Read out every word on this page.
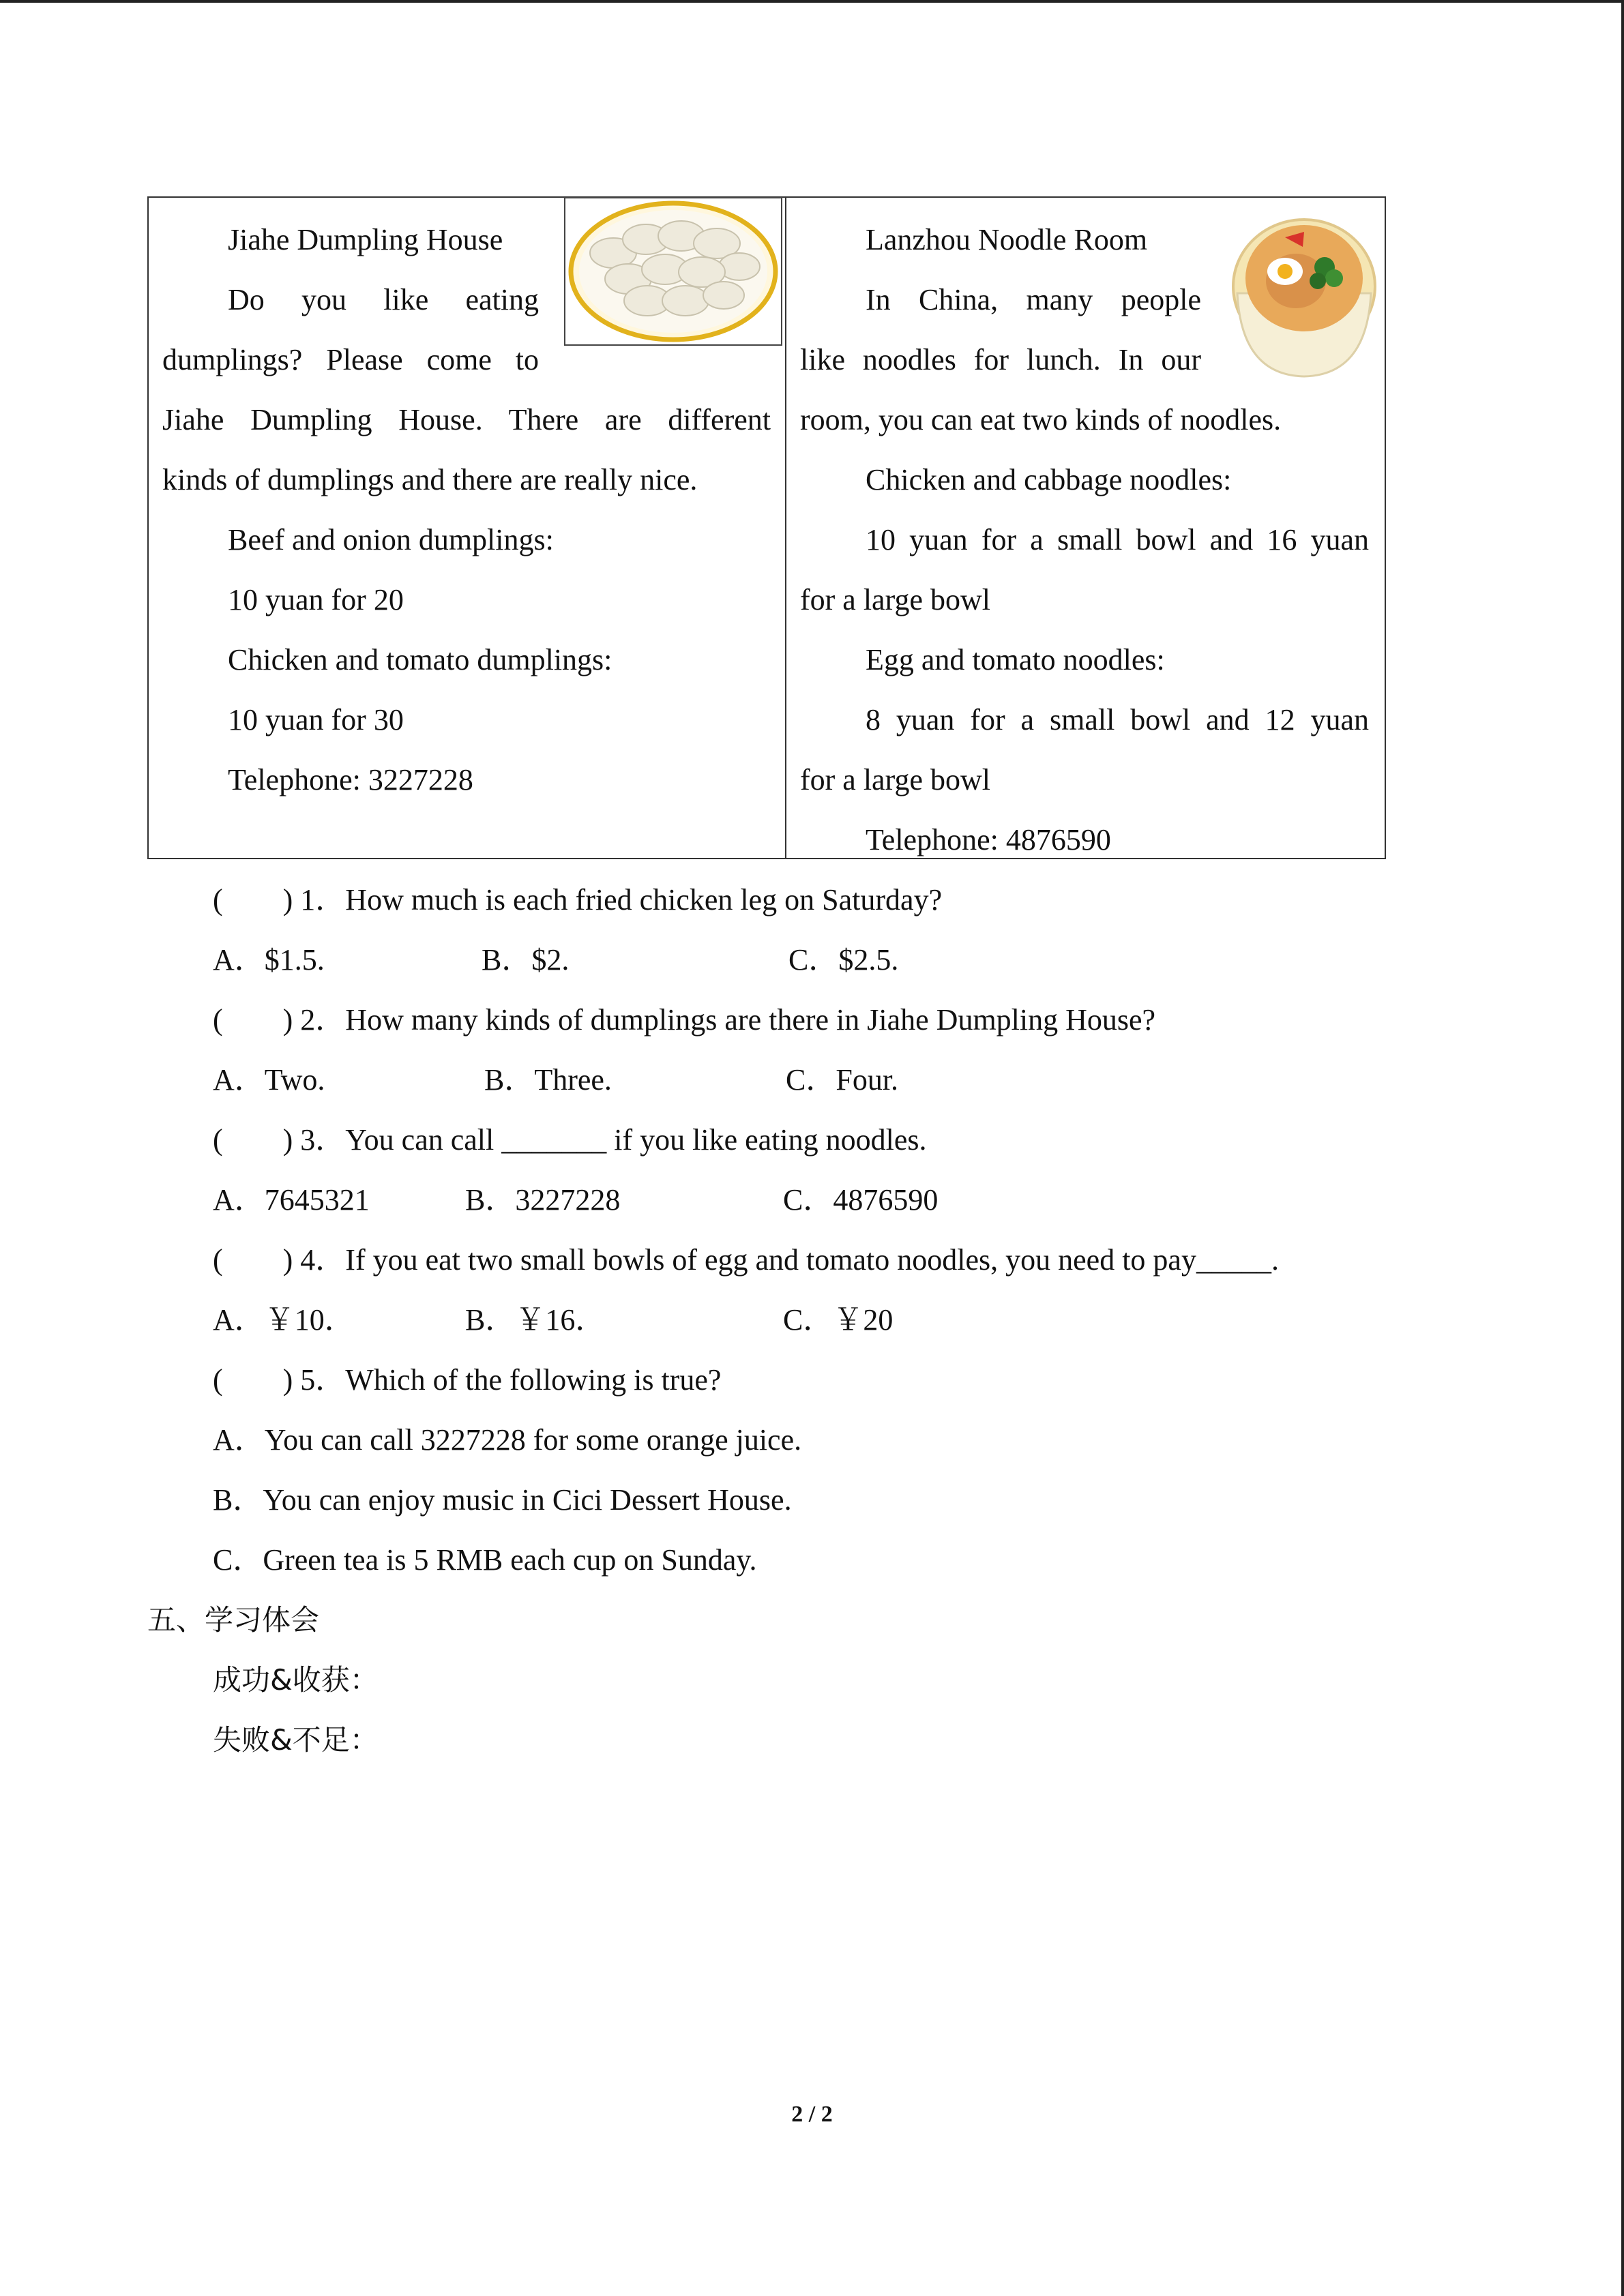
Jiahe Dumpling House
Do you like eating
dumplings? Please come to
Jiahe Dumpling House. There are different
kinds of dumplings and there are really nice.
Beef and onion dumplings:
10 yuan for 20
Chicken and tomato dumplings:
10 yuan for 30
Telephone: 3227228
Lanzhou Noodle Room
In China, many people
like noodles for lunch. In our
room, you can eat two kinds of noodles.
Chicken and cabbage noodles:
10 yuan for a small bowl and 16 yuan
for a large bowl
Egg and tomato noodles:
8 yuan for a small bowl and 12 yuan
for a large bowl
Telephone: 4876590
(　　) 1．How much is each fried chicken leg on Saturday?
A．$1.5.	B．$2.	C．$2.5.
(　　) 2．How many kinds of dumplings are there in Jiahe Dumpling House?
A．Two.	B．Three.	C．Four.
(　　) 3．You can call _______ if you like eating noodles.
A．7645321	B．3227228	C．4876590
(　　) 4．If you eat two small bowls of egg and tomato noodles, you need to pay_____.
A．￥10．	B．￥16．	C．￥20
(　　) 5．Which of the following is true?
A．You can call 3227228 for some orange juice.
B．You can enjoy music in Cici Dessert House.
C．Green tea is 5 RMB each cup on Sunday.
五、学习体会
成功&收获：
失败&不足：
2 / 2
